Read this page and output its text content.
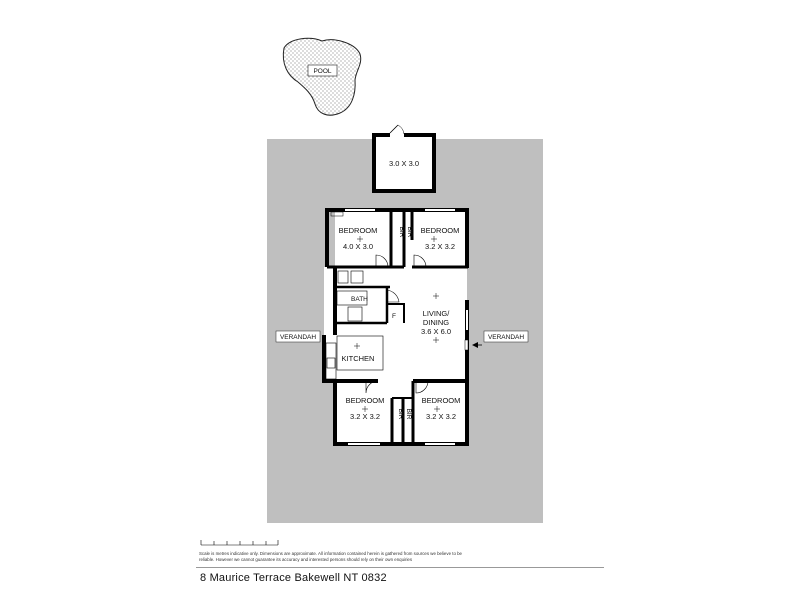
POOL
3.0 X 3.0
BEDROOM
4.0 X 3.0
BEDROOM
3.2 X 3.2
BIR BIR
BATH
F	LIVING/
DINING
3.6 X 6.0
KITCHEN
BEDROOM
3.2 X 3.2
BEDROOM
3.2 X 3.2
BIR BIR
VERANDAH	VERANDAH

Scale is metres indicative only. Dimensions are approximate. All information contained herein is gathered from sources we believe to be reliable. However we cannot guarantee its accuracy and interested persons should rely on their own enquiries

8 Maurice Terrace Bakewell NT 0832
